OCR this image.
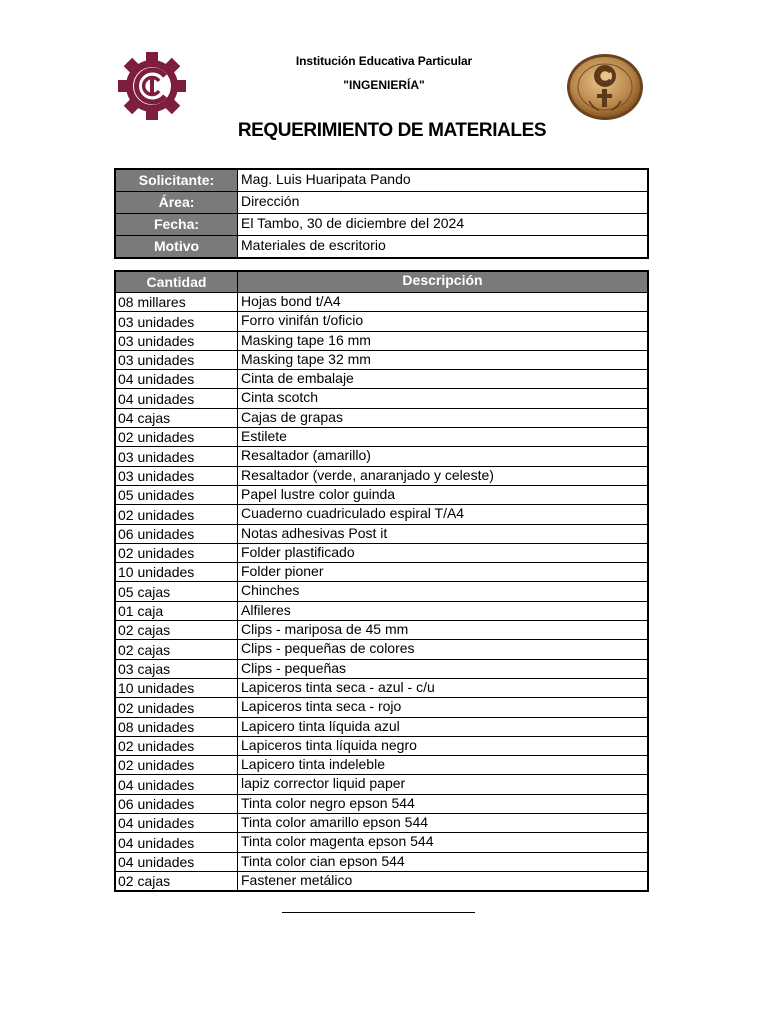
Institución Educativa Particular
"INGENIERÍA"
REQUERIMIENTO DE MATERIALES
Solicitante:	Mag. Luis Huaripata Pando
Área:	Dirección
Fecha:	El Tambo, 30 de diciembre del 2024
Motivo	Materiales de escritorio
Cantidad	Descripción
08 millares	Hojas bond t/A4
03 unidades	Forro vinifán t/oficio
03 unidades	Masking tape 16 mm
03 unidades	Masking tape 32 mm
04 unidades	Cinta de embalaje
04 unidades	Cinta scotch
04 cajas	Cajas de grapas
02 unidades	Estilete
03 unidades	Resaltador (amarillo)
03 unidades	Resaltador (verde, anaranjado y celeste)
05 unidades	Papel lustre color guinda
02 unidades	Cuaderno cuadriculado espiral T/A4
06 unidades	Notas adhesivas Post it
02 unidades	Folder plastificado
10 unidades	Folder pioner
05 cajas	Chinches
01 caja	Alfileres
02 cajas	Clips - mariposa de 45 mm
02 cajas	Clips - pequeñas de colores
03 cajas	Clips - pequeñas
10 unidades	Lapiceros tinta seca - azul - c/u
02 unidades	Lapiceros tinta seca - rojo
08 unidades	Lapicero tinta líquida azul
02 unidades	Lapiceros tinta líquida negro
02 unidades	Lapicero tinta indeleble
04 unidades	lapiz corrector liquid paper
06 unidades	Tinta color negro epson 544
04 unidades	Tinta color amarillo epson 544
04 unidades	Tinta color magenta epson 544
04 unidades	Tinta color cian epson 544
02 cajas	Fastener metálico
